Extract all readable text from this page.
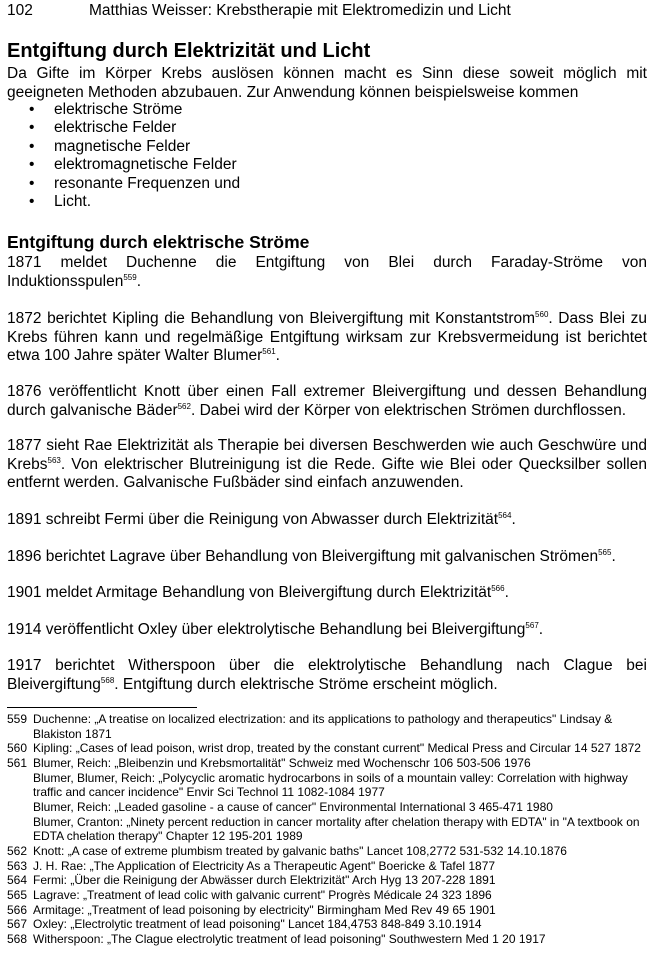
102	Matthias Weisser: Krebstherapie mit Elektromedizin und Licht
Entgiftung durch Elektrizität und Licht

Da Gifte im Körper Krebs auslösen können macht es Sinn diese soweit möglich mit geeigneten Methoden abzubauen. Zur Anwendung können beispielsweise kommen

• elektrische Ströme
• elektrische Felder
• magnetische Felder
• elektromagnetische Felder
• resonante Frequenzen und
• Licht.
Entgiftung durch elektrische Ströme

1871 meldet Duchenne die Entgiftung von Blei durch Faraday-Ströme von Induktionsspulen$^{559}$.

1872 berichtet Kipling die Behandlung von Bleivergiftung mit Konstantstrom$^{560}$. Dass Blei zu Krebs führen kann und regelmäßige Entgiftung wirksam zur Krebsvermeidung ist berichtet etwa 100 Jahre später Walter Blumer$^{561}$.

1876 veröffentlicht Knott über einen Fall extremer Bleivergiftung und dessen Behandlung durch galvanische Bäder$^{562}$. Dabei wird der Körper von elektrischen Strömen durchflossen.

1877 sieht Rae Elektrizität als Therapie bei diversen Beschwerden wie auch Geschwüre und Krebs$^{563}$. Von elektrischer Blutreinigung ist die Rede. Gifte wie Blei oder Quecksilber sollen entfernt werden. Galvanische Fußbäder sind einfach anzuwenden.

1891 schreibt Fermi über die Reinigung von Abwasser durch Elektrizität$^{564}$.

1896 berichtet Lagrave über Behandlung von Bleivergiftung mit galvanischen Strömen$^{565}$.

1901 meldet Armitage Behandlung von Bleivergiftung durch Elektrizität$^{566}$.

1914 veröffentlicht Oxley über elektrolytische Behandlung bei Bleivergiftung$^{567}$.

1917 berichtet Witherspoon über die elektrolytische Behandlung nach Clague bei Bleivergiftung$^{568}$. Entgiftung durch elektrische Ströme erscheint möglich.

559 Duchenne: „A treatise on localized electrization: and its applications to pathology and therapeutics" Lindsay & Blakiston 1871
560 Kipling: „Cases of lead poison, wrist drop, treated by the constant current" Medical Press and Circular 14 527 1872
561 Blumer, Reich: „Bleibenzin und Krebsmortalität" Schweiz med Wochenschr 106 503-506 1976
Blumer, Blumer, Reich: „Polycyclic aromatic hydrocarbons in soils of a mountain valley: Correlation with highway traffic and cancer incidence" Envir Sci Technol 11 1082-1084 1977
Blumer, Reich: „Leaded gasoline - a cause of cancer" Environmental International 3 465-471 1980
Blumer, Cranton: „Ninety percent reduction in cancer mortality after chelation therapy with EDTA" in "A textbook on EDTA chelation therapy" Chapter 12 195-201 1989
562 Knott: „A case of extreme plumbism treated by galvanic baths" Lancet 108,2772 531-532 14.10.1876
563 J. H. Rae: „The Application of Electricity As a Therapeutic Agent" Boericke & Tafel 1877
564 Fermi: „Über die Reinigung der Abwässer durch Elektrizität" Arch Hyg 13 207-228 1891
565 Lagrave: „Treatment of lead colic with galvanic current" Progrès Médicale 24 323 1896
566 Armitage: „Treatment of lead poisoning by electricity" Birmingham Med Rev 49 65 1901
567 Oxley: „Electrolytic treatment of lead poisoning" Lancet 184,4753 848-849 3.10.1914
568 Witherspoon: „The Clague electrolytic treatment of lead poisoning" Southwestern Med 1 20 1917
